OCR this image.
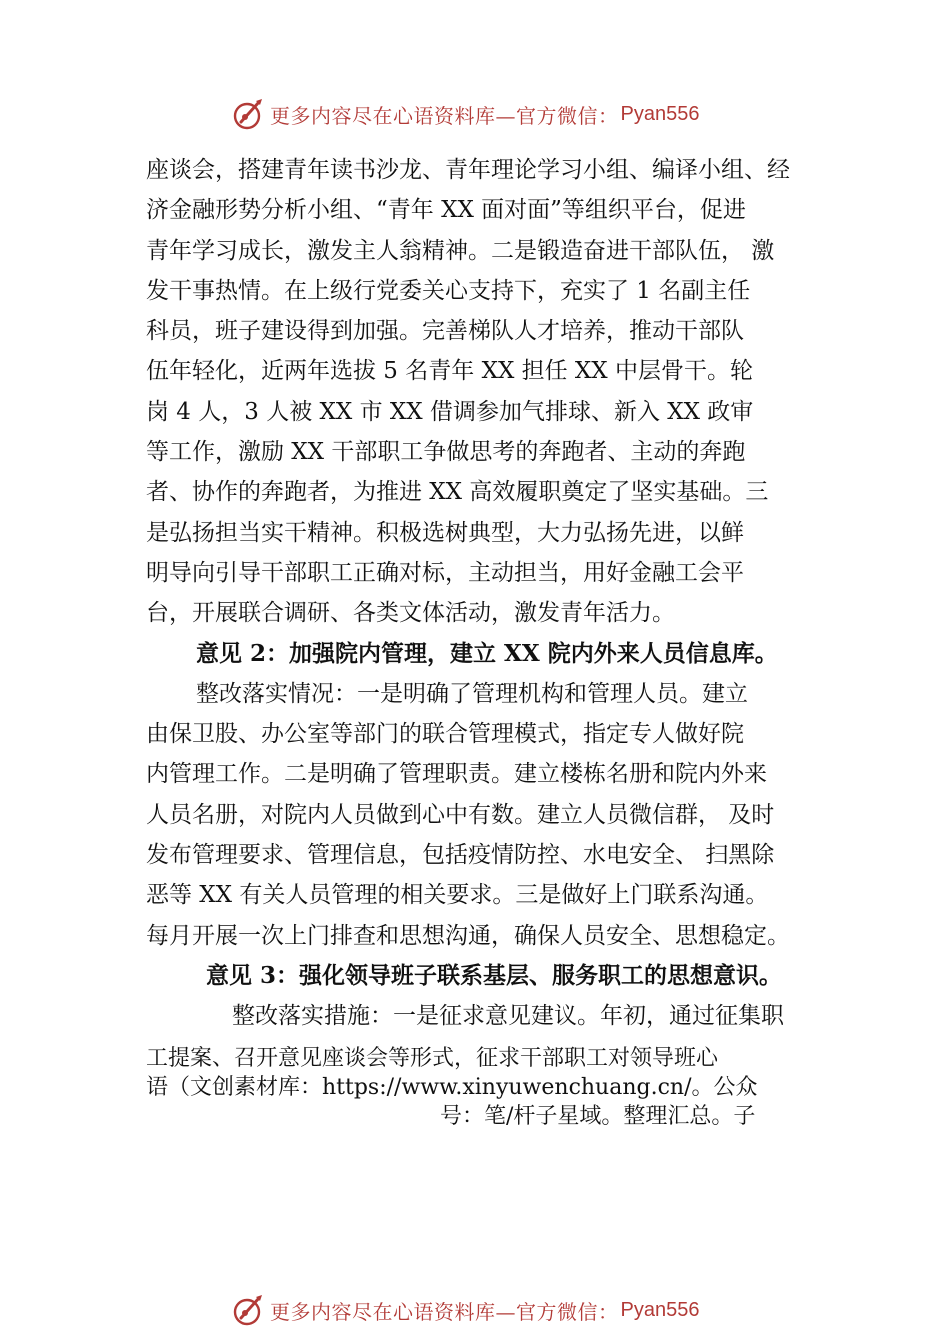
更多内容尽在心语资料库—官方微信： Pyan556
座谈会，搭建青年读书沙龙、青年理论学习小组、编译小组、经
济金融形势分析小组、“青年 XX 面对面”等组织平台，促进
青年学习成长，激发主人翁精神。二是锻造奋进干部队伍， 激
发干事热情。在上级行党委关心支持下，充实了 1 名副主任
科员，班子建设得到加强。完善梯队人才培养，推动干部队
伍年轻化，近两年选拔 5 名青年 XX 担任 XX 中层骨干。轮
岗 4 人，3 人被 XX 市 XX 借调参加气排球、新入 XX 政审
等工作，激励 XX 干部职工争做思考的奔跑者、主动的奔跑
者、协作的奔跑者，为推进 XX 高效履职奠定了坚实基础。三
是弘扬担当实干精神。积极选树典型，大力弘扬先进，以鲜
明导向引导干部职工正确对标，主动担当，用好金融工会平
台，开展联合调研、各类文体活动，激发青年活力。
意见 2：加强院内管理，建立 XX 院内外来人员信息库。
整改落实情况：一是明确了管理机构和管理人员。建立
由保卫股、办公室等部门的联合管理模式，指定专人做好院
内管理工作。二是明确了管理职责。建立楼栋名册和院内外来
人员名册，对院内人员做到心中有数。建立人员微信群， 及时
发布管理要求、管理信息，包括疫情防控、水电安全、 扫黑除
恶等 XX 有关人员管理的相关要求。三是做好上门联系沟通。
每月开展一次上门排查和思想沟通，确保人员安全、思想稳定。
意见 3：强化领导班子联系基层、服务职工的思想意识。
整改落实措施：一是征求意见建议。年初，通过征集职
工提案、召开意见座谈会等形式，征求干部职工对领导班心
语（文创素材库：https://www.xinyuwenchuang.cn/。公众
号：笔/杆子星域。整理汇总。子
更多内容尽在心语资料库—官方微信： Pyan556
